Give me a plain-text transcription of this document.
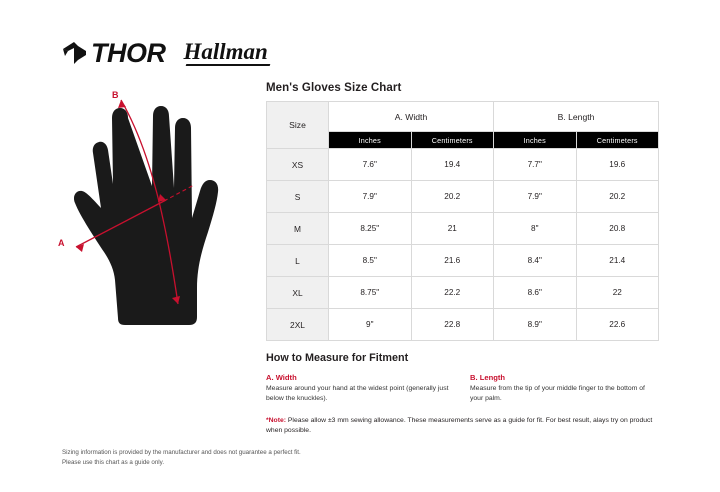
THOR Hallman
B
A
Men's Gloves Size Chart
Size	A. Width		B. Length	
	Inches	Centimeters	Inches	Centimeters
XS	7.6"	19.4	7.7"	19.6
S	7.9"	20.2	7.9"	20.2
M	8.25"	21	8"	20.8
L	8.5"	21.6	8.4"	21.4
XL	8.75"	22.2	8.6"	22
2XL	9"	22.8	8.9"	22.6
How to Measure for Fitment
A. Width

Measure around your hand at the widest point (generally just below the knuckles).

B. Length

Measure from the tip of your middle finger to the bottom of your palm.

*Note: Please allow ±3 mm sewing allowance. These measurements serve as a guide for fit. For best result, alays try on product when possible.
Sizing information is provided by the manufacturer and does not guarantee a perfect fit.
Please use this chart as a guide only.
